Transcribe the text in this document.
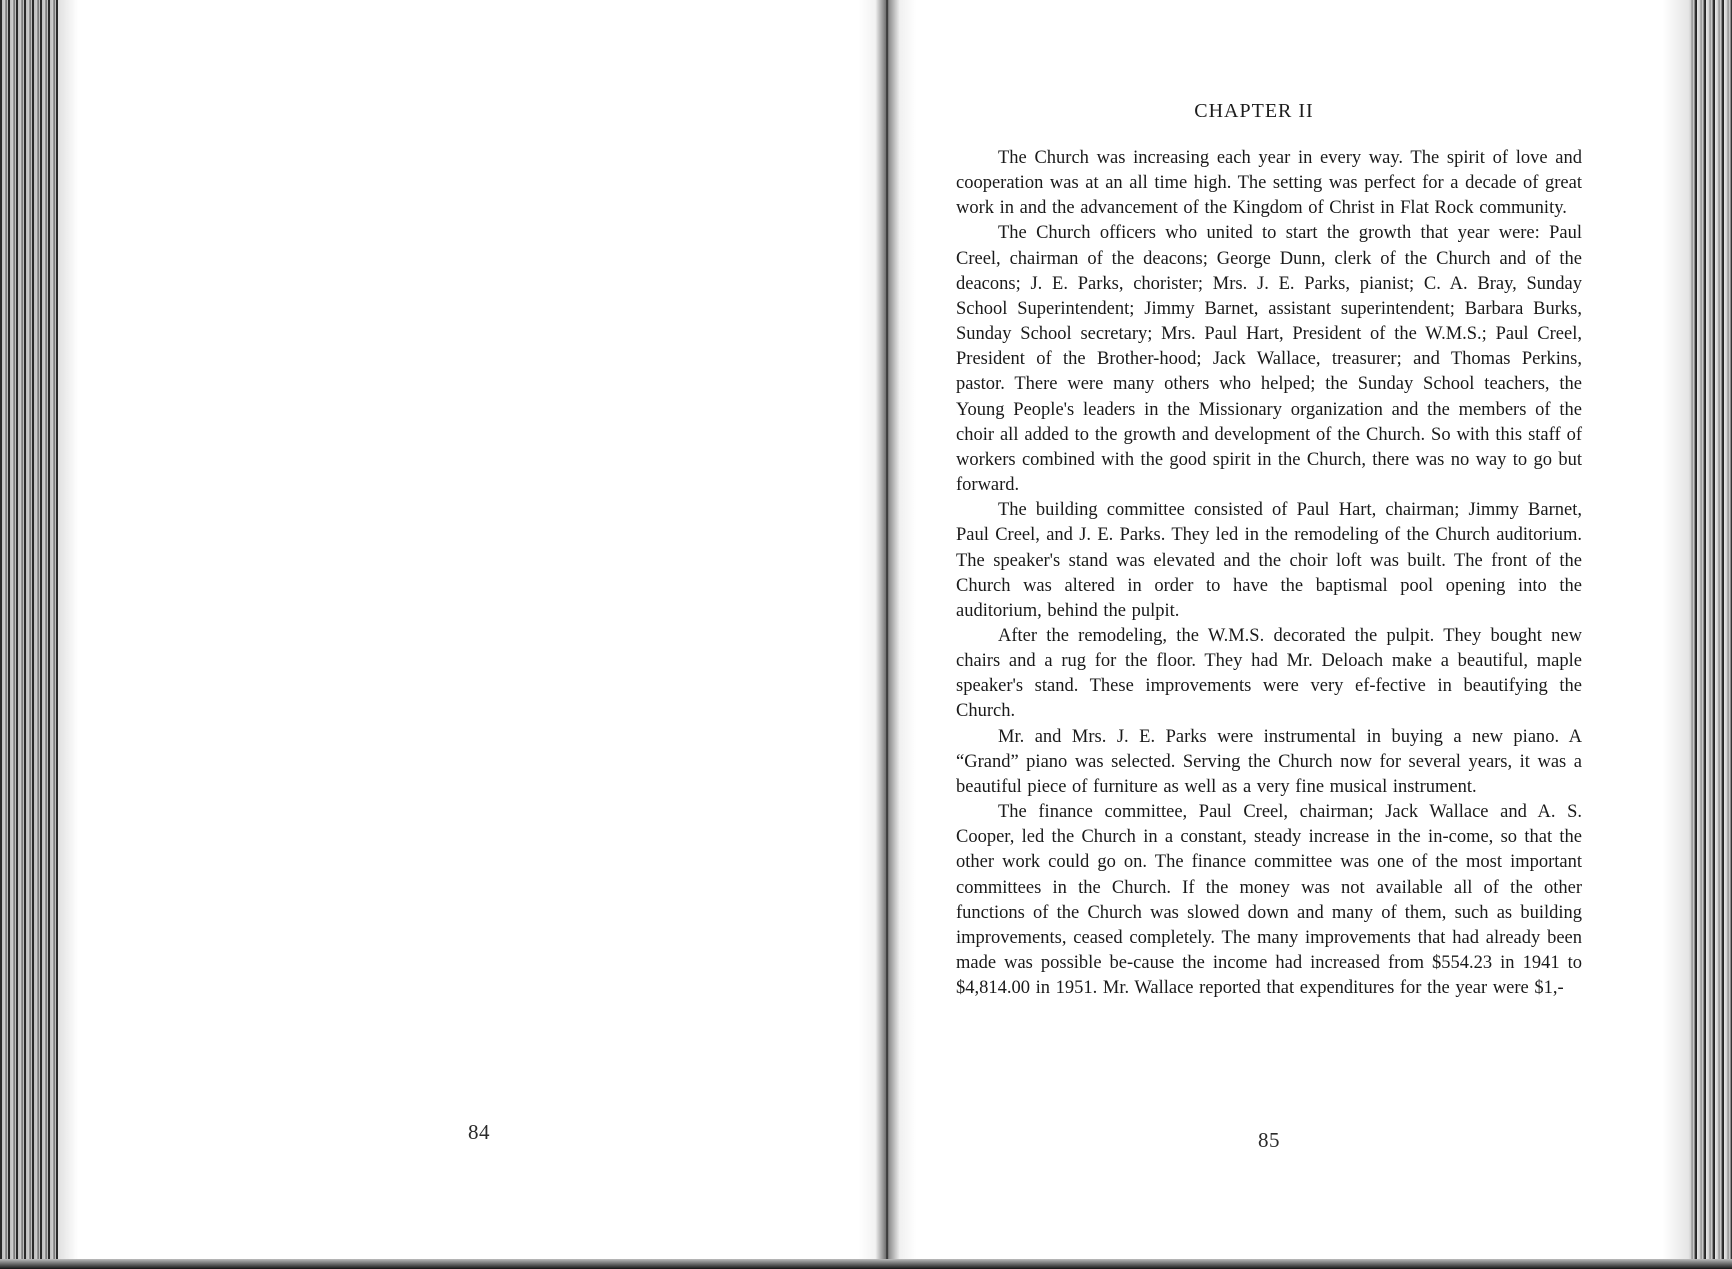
84
CHAPTER II

The Church was increasing each year in every way. The spirit of love and cooperation was at an all time high. The setting was perfect for a decade of great work in and the advancement of the Kingdom of Christ in Flat Rock community.

The Church officers who united to start the growth that year were: Paul Creel, chairman of the deacons; George Dunn, clerk of the Church and of the deacons; J. E. Parks, chorister; Mrs. J. E. Parks, pianist; C. A. Bray, Sunday School Superintendent; Jimmy Barnet, assistant superintendent; Barbara Burks, Sunday School secretary; Mrs. Paul Hart, President of the W.M.S.; Paul Creel, President of the Brother-hood; Jack Wallace, treasurer; and Thomas Perkins, pastor. There were many others who helped; the Sunday School teachers, the Young People's leaders in the Missionary organization and the members of the choir all added to the growth and development of the Church. So with this staff of workers combined with the good spirit in the Church, there was no way to go but forward.

The building committee consisted of Paul Hart, chairman; Jimmy Barnet, Paul Creel, and J. E. Parks. They led in the remodeling of the Church auditorium. The speaker's stand was elevated and the choir loft was built. The front of the Church was altered in order to have the baptismal pool opening into the auditorium, behind the pulpit.

After the remodeling, the W.M.S. decorated the pulpit. They bought new chairs and a rug for the floor. They had Mr. Deloach make a beautiful, maple speaker's stand. These improvements were very ef-fective in beautifying the Church.

Mr. and Mrs. J. E. Parks were instrumental in buying a new piano. A “Grand” piano was selected. Serving the Church now for several years, it was a beautiful piece of furniture as well as a very fine musical instrument.

The finance committee, Paul Creel, chairman; Jack Wallace and A. S. Cooper, led the Church in a constant, steady increase in the in-come, so that the other work could go on. The finance committee was one of the most important committees in the Church. If the money was not available all of the other functions of the Church was slowed down and many of them, such as building improvements, ceased completely. The many improvements that had already been made was possible be-cause the income had increased from $554.23 in 1941 to $4,814.00 in 1951. Mr. Wallace reported that expenditures for the year were $1,-

85
